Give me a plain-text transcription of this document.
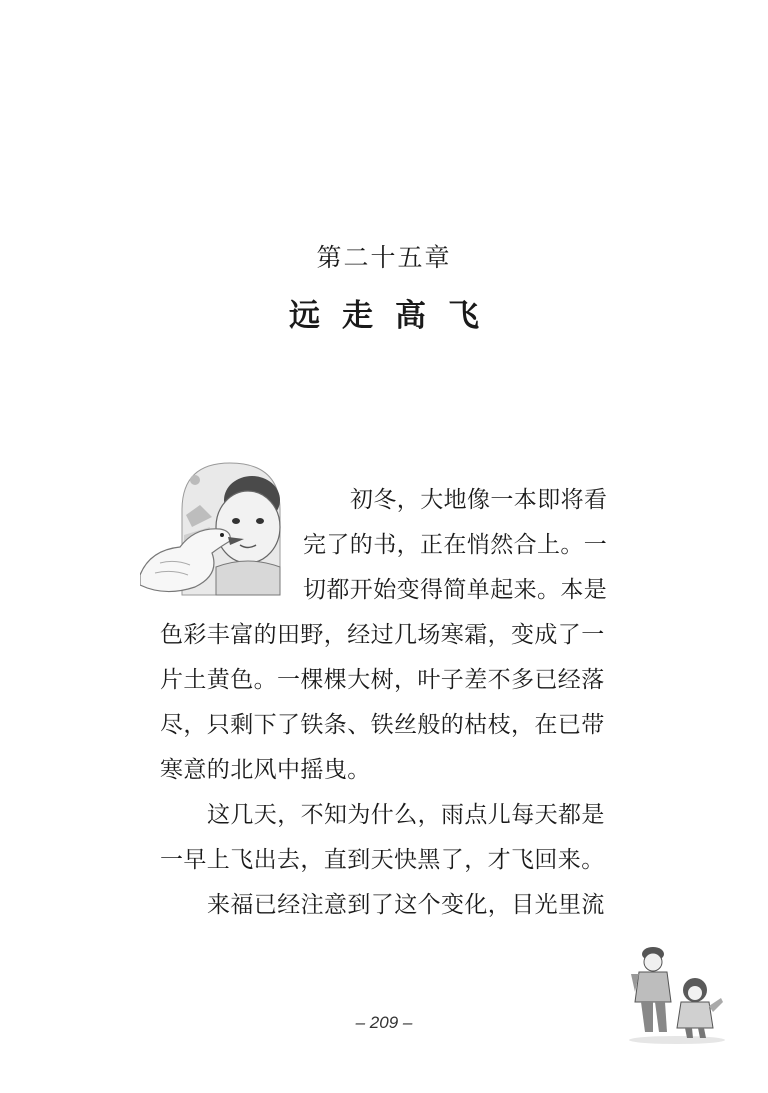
第二十五章
远走高飞
初冬，大地像一本即将看
完了的书，正在悄然合上。一
切都开始变得简单起来。本是
色彩丰富的田野，经过几场寒霜，变成了一
片土黄色。一棵棵大树，叶子差不多已经落
尽，只剩下了铁条、铁丝般的枯枝，在已带
寒意的北风中摇曳。
这几天，不知为什么，雨点儿每天都是
一早上飞出去，直到天快黑了，才飞回来。
来福已经注意到了这个变化，目光里流
– 209 –
